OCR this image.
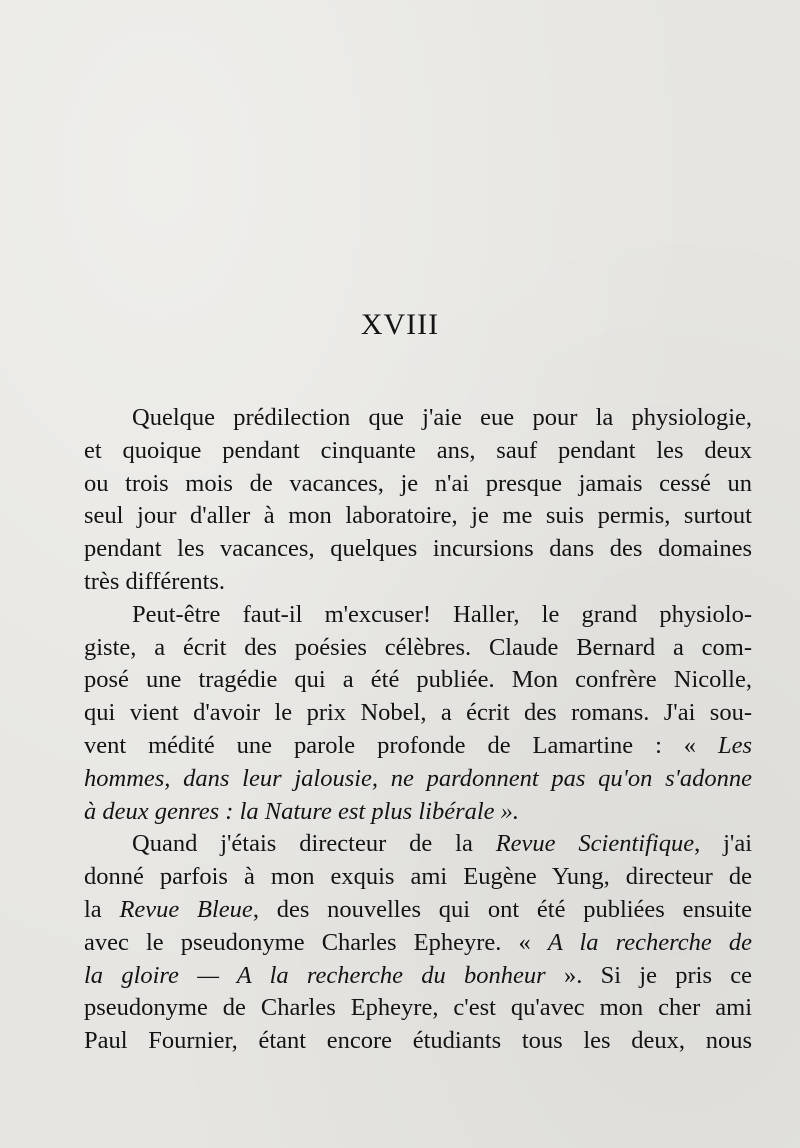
XVIII
Quelque prédilection que j'aie eue pour la physiologie,
et quoique pendant cinquante ans, sauf pendant les deux
ou trois mois de vacances, je n'ai presque jamais cessé un
seul jour d'aller à mon laboratoire, je me suis permis, surtout
pendant les vacances, quelques incursions dans des domaines
très différents.
Peut-être faut-il m'excuser! Haller, le grand physiolo-
giste, a écrit des poésies célèbres. Claude Bernard a com-
posé une tragédie qui a été publiée. Mon confrère Nicolle,
qui vient d'avoir le prix Nobel, a écrit des romans. J'ai sou-
vent médité une parole profonde de Lamartine : « Les
hommes, dans leur jalousie, ne pardonnent pas qu'on s'adonne
à deux genres : la Nature est plus libérale ».
Quand j'étais directeur de la Revue Scientifique, j'ai
donné parfois à mon exquis ami Eugène Yung, directeur de
la Revue Bleue, des nouvelles qui ont été publiées ensuite
avec le pseudonyme Charles Epheyre. « A la recherche de
la gloire — A la recherche du bonheur ». Si je pris ce
pseudonyme de Charles Epheyre, c'est qu'avec mon cher ami
Paul Fournier, étant encore étudiants tous les deux, nous
